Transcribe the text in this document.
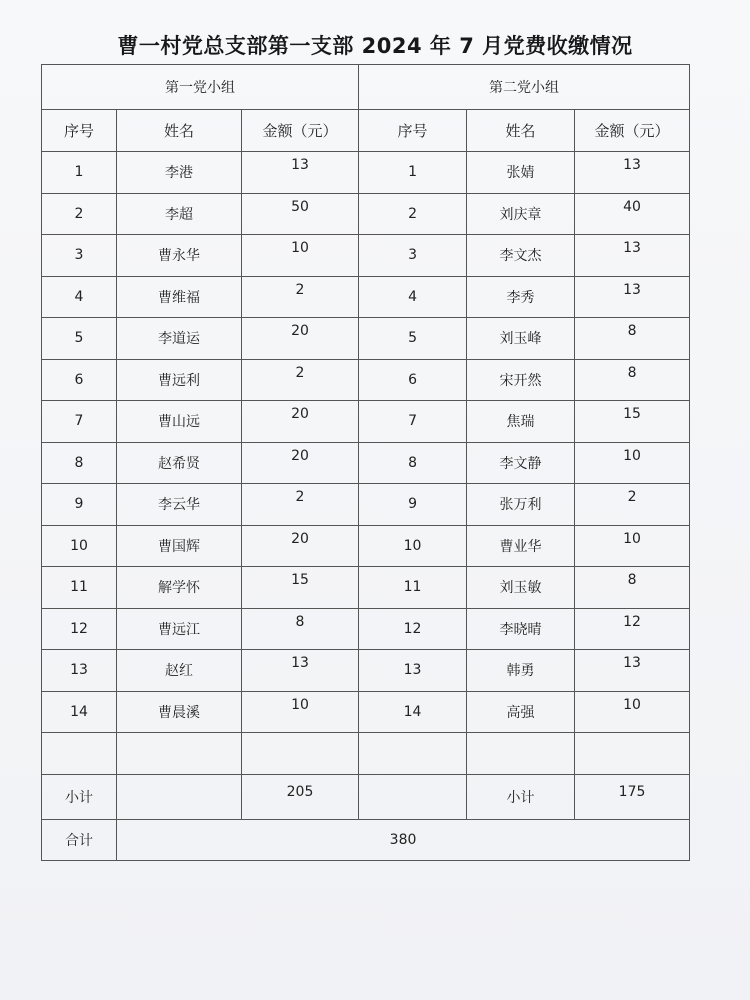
曹一村党总支部第一支部 2024 年 7 月党费收缴情况
第一党小组			第二党小组		
序号	姓名	金额（元）	序号	姓名	金额（元）
1	李港	13	1	张婧	13

2	李超	50	2	刘庆章	40

3	曹永华	10	3	李文杰	13

4	曹维福	2	4	李秀	13

5	李道运	20	5	刘玉峰	8

6	曹远利	2	6	宋开然	8

7	曹山远	20	7	焦瑞	15

8	赵希贤	20	8	李文静	10

9	李云华	2	9	张万利	2

10	曹国辉	20	10	曹业华	10

11	解学怀	15	11	刘玉敏	8

12	曹远江	8	12	李晓晴	12

13	赵红	13	13	韩勇	13

14	曹晨溪	10	14	高强	10

小计		205		小计	175

合计	380				
